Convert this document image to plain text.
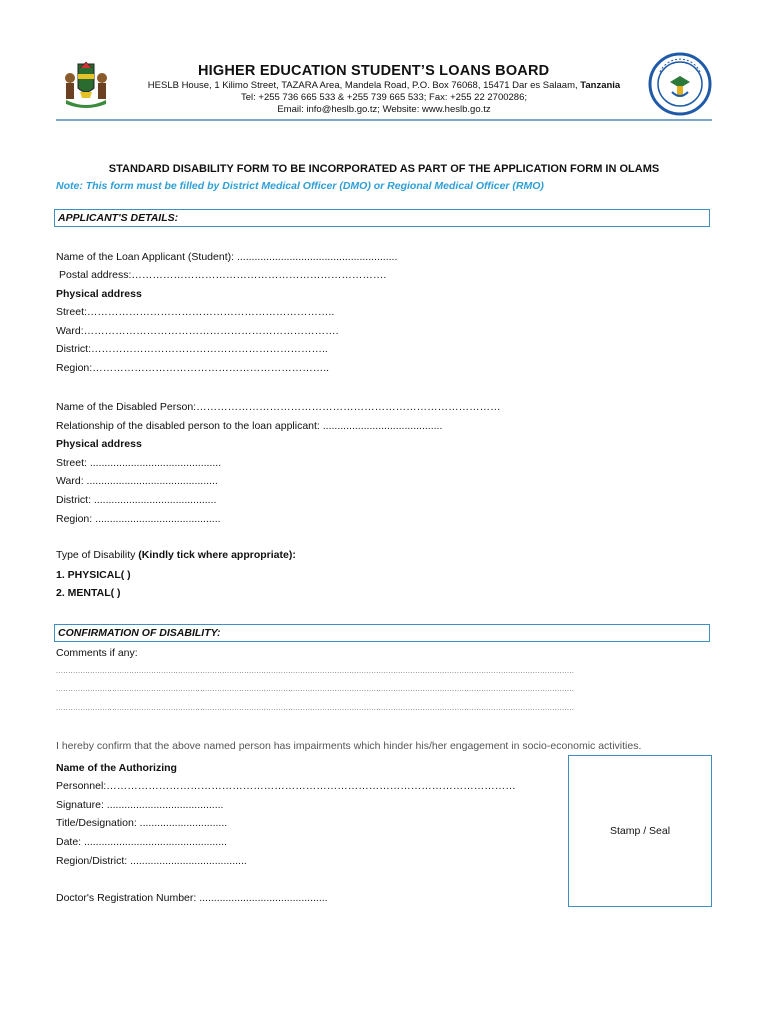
HIGHER EDUCATION STUDENT’S LOANS BOARD
HESLB House, 1 Kilimo Street, TAZARA Area, Mandela Road, P.O. Box 76068, 15471 Dar es Salaam, Tanzania
Tel: +255 736 665 533 & +255 739 665 533; Fax: +255 22 2700286;
Email: info@heslb.go.tz; Website: www.heslb.go.tz
STANDARD DISABILITY FORM TO BE INCORPORATED AS PART OF THE APPLICATION FORM IN OLAMS
Note: This form must be filled by District Medical Officer (DMO) or Regional Medical Officer (RMO)
APPLICANT'S DETAILS:
Name of the Loan Applicant (Student): .......................................................
Postal address:……………………………………………………………….
Physical address
Street:……………………………………………………………..
Ward:……………………………………………………………….
District:…………………………………………………………..
Region:…………………………………………………………..
Name of the Disabled Person:……………………………………………………………………………
Relationship of the disabled person to the loan applicant: .........................................
Physical address
Street: .............................................
Ward: .............................................
District: ..........................................
Region: ...........................................
Type of Disability (Kindly tick where appropriate):
1. PHYSICAL( )
2. MENTAL( )
CONFIRMATION OF DISABILITY:
Comments if any:
....................................................................................................................................................................................................................
....................................................................................................................................................................................................................
....................................................................................................................................................................................................................
I hereby confirm that the above named person has impairments which hinder his/her engagement in socio-economic activities.
Name of the Authorizing
Personnel:………………………………………………………………………………………………………
Signature: ........................................
Title/Designation: ..............................
Date: .................................................
Region/District: ........................................
Doctor's Registration Number: ............................................
Stamp / Seal
